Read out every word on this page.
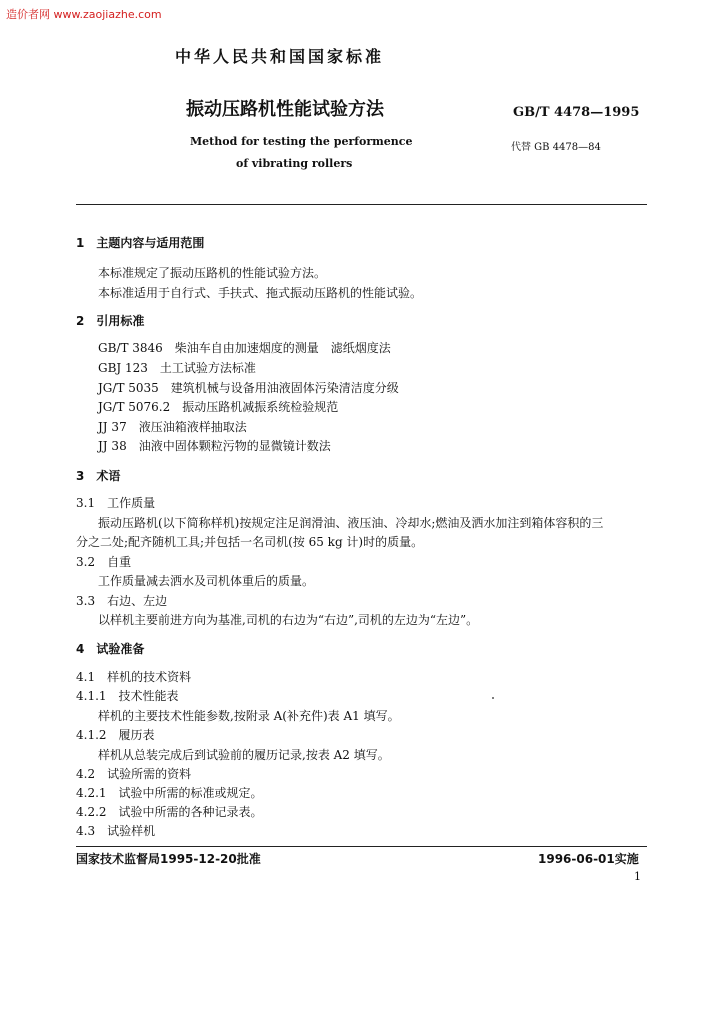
造价者网 www.zaojiazhe.com
中华人民共和国国家标准
振动压路机性能试验方法	GB/T 4478—1995
Method for testing the performence
of vibrating rollers
代替 GB 4478—84
1　主题内容与适用范围
本标准规定了振动压路机的性能试验方法。
本标准适用于自行式、手扶式、拖式振动压路机的性能试验。
2　引用标准
GB/T 3846　柴油车自由加速烟度的测量　滤纸烟度法
GBJ 123　土工试验方法标准
JG/T 5035　建筑机械与设备用油液固体污染清洁度分级
JG/T 5076.2　振动压路机减振系统检验规范
JJ 37　液压油箱液样抽取法
JJ 38　油液中固体颗粒污物的显微镜计数法
3　术语
3.1　工作质量
振动压路机(以下简称样机)按规定注足润滑油、液压油、冷却水;燃油及洒水加注到箱体容积的三
分之二处;配齐随机工具;并包括一名司机(按 65 kg 计)时的质量。
3.2　自重
工作质量减去洒水及司机体重后的质量。
3.3　右边、左边
以样机主要前进方向为基准,司机的右边为“右边”,司机的左边为“左边”。
4　试验准备
4.1　样机的技术资料
4.1.1　技术性能表
样机的主要技术性能参数,按附录 A(补充件)表 A1 填写。
4.1.2　履历表
样机从总装完成后到试验前的履历记录,按表 A2 填写。
4.2　试验所需的资料
4.2.1　试验中所需的标准或规定。
4.2.2　试验中所需的各种记录表。
4.3　试验样机
国家技术监督局1995-12-20批准	1996-06-01实施
1
